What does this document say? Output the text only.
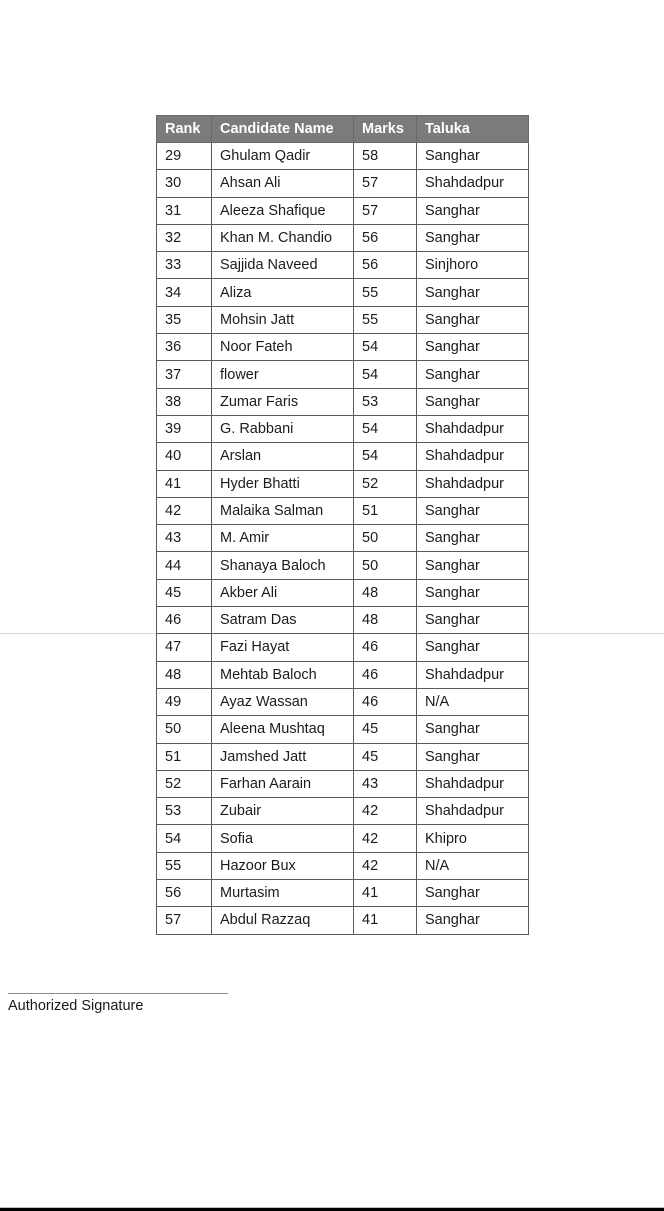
Rank	Candidate Name	Marks	Taluka
29	Ghulam Qadir	58	Sanghar
30	Ahsan Ali	57	Shahdadpur
31	Aleeza Shafique	57	Sanghar
32	Khan M. Chandio	56	Sanghar
33	Sajjida Naveed	56	Sinjhoro
34	Aliza	55	Sanghar
35	Mohsin Jatt	55	Sanghar
36	Noor Fateh	54	Sanghar
37	flower	54	Sanghar
38	Zumar Faris	53	Sanghar
39	G. Rabbani	54	Shahdadpur
40	Arslan	54	Shahdadpur
41	Hyder Bhatti	52	Shahdadpur
42	Malaika Salman	51	Sanghar
43	M. Amir	50	Sanghar
44	Shanaya Baloch	50	Sanghar
45	Akber Ali	48	Sanghar
46	Satram Das	48	Sanghar
47	Fazi Hayat	46	Sanghar
48	Mehtab Baloch	46	Shahdadpur
49	Ayaz Wassan	46	N/A
50	Aleena Mushtaq	45	Sanghar
51	Jamshed Jatt	45	Sanghar
52	Farhan Aarain	43	Shahdadpur
53	Zubair	42	Shahdadpur
54	Sofia	42	Khipro
55	Hazoor Bux	42	N/A
56	Murtasim	41	Sanghar
57	Abdul Razzaq	41	Sanghar
Authorized Signature
